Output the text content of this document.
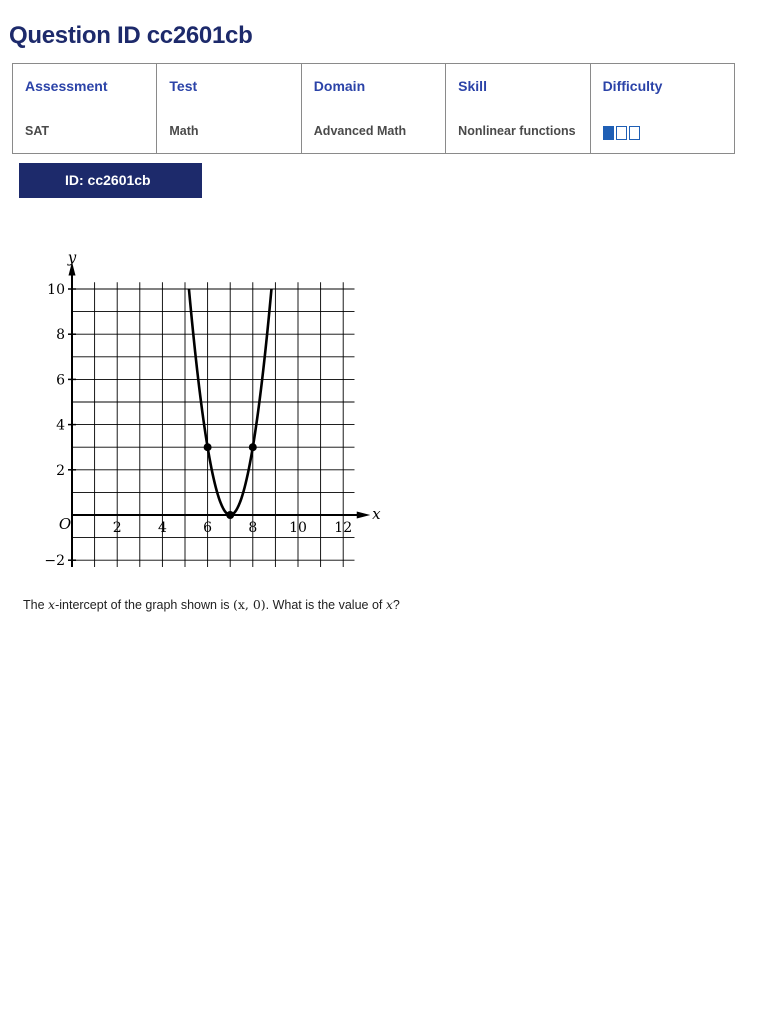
Question ID cc2601cb
Assessment	Test	Domain	Skill	Difficulty
SAT	Math	Advanced Math	Nonlinear functions	
ID: cc2601cb
2	4	6	8 10 12
10
8
6
4
2
−2
y
x
O

The x-intercept of the graph shown is (x, 0). What is the value of x?
